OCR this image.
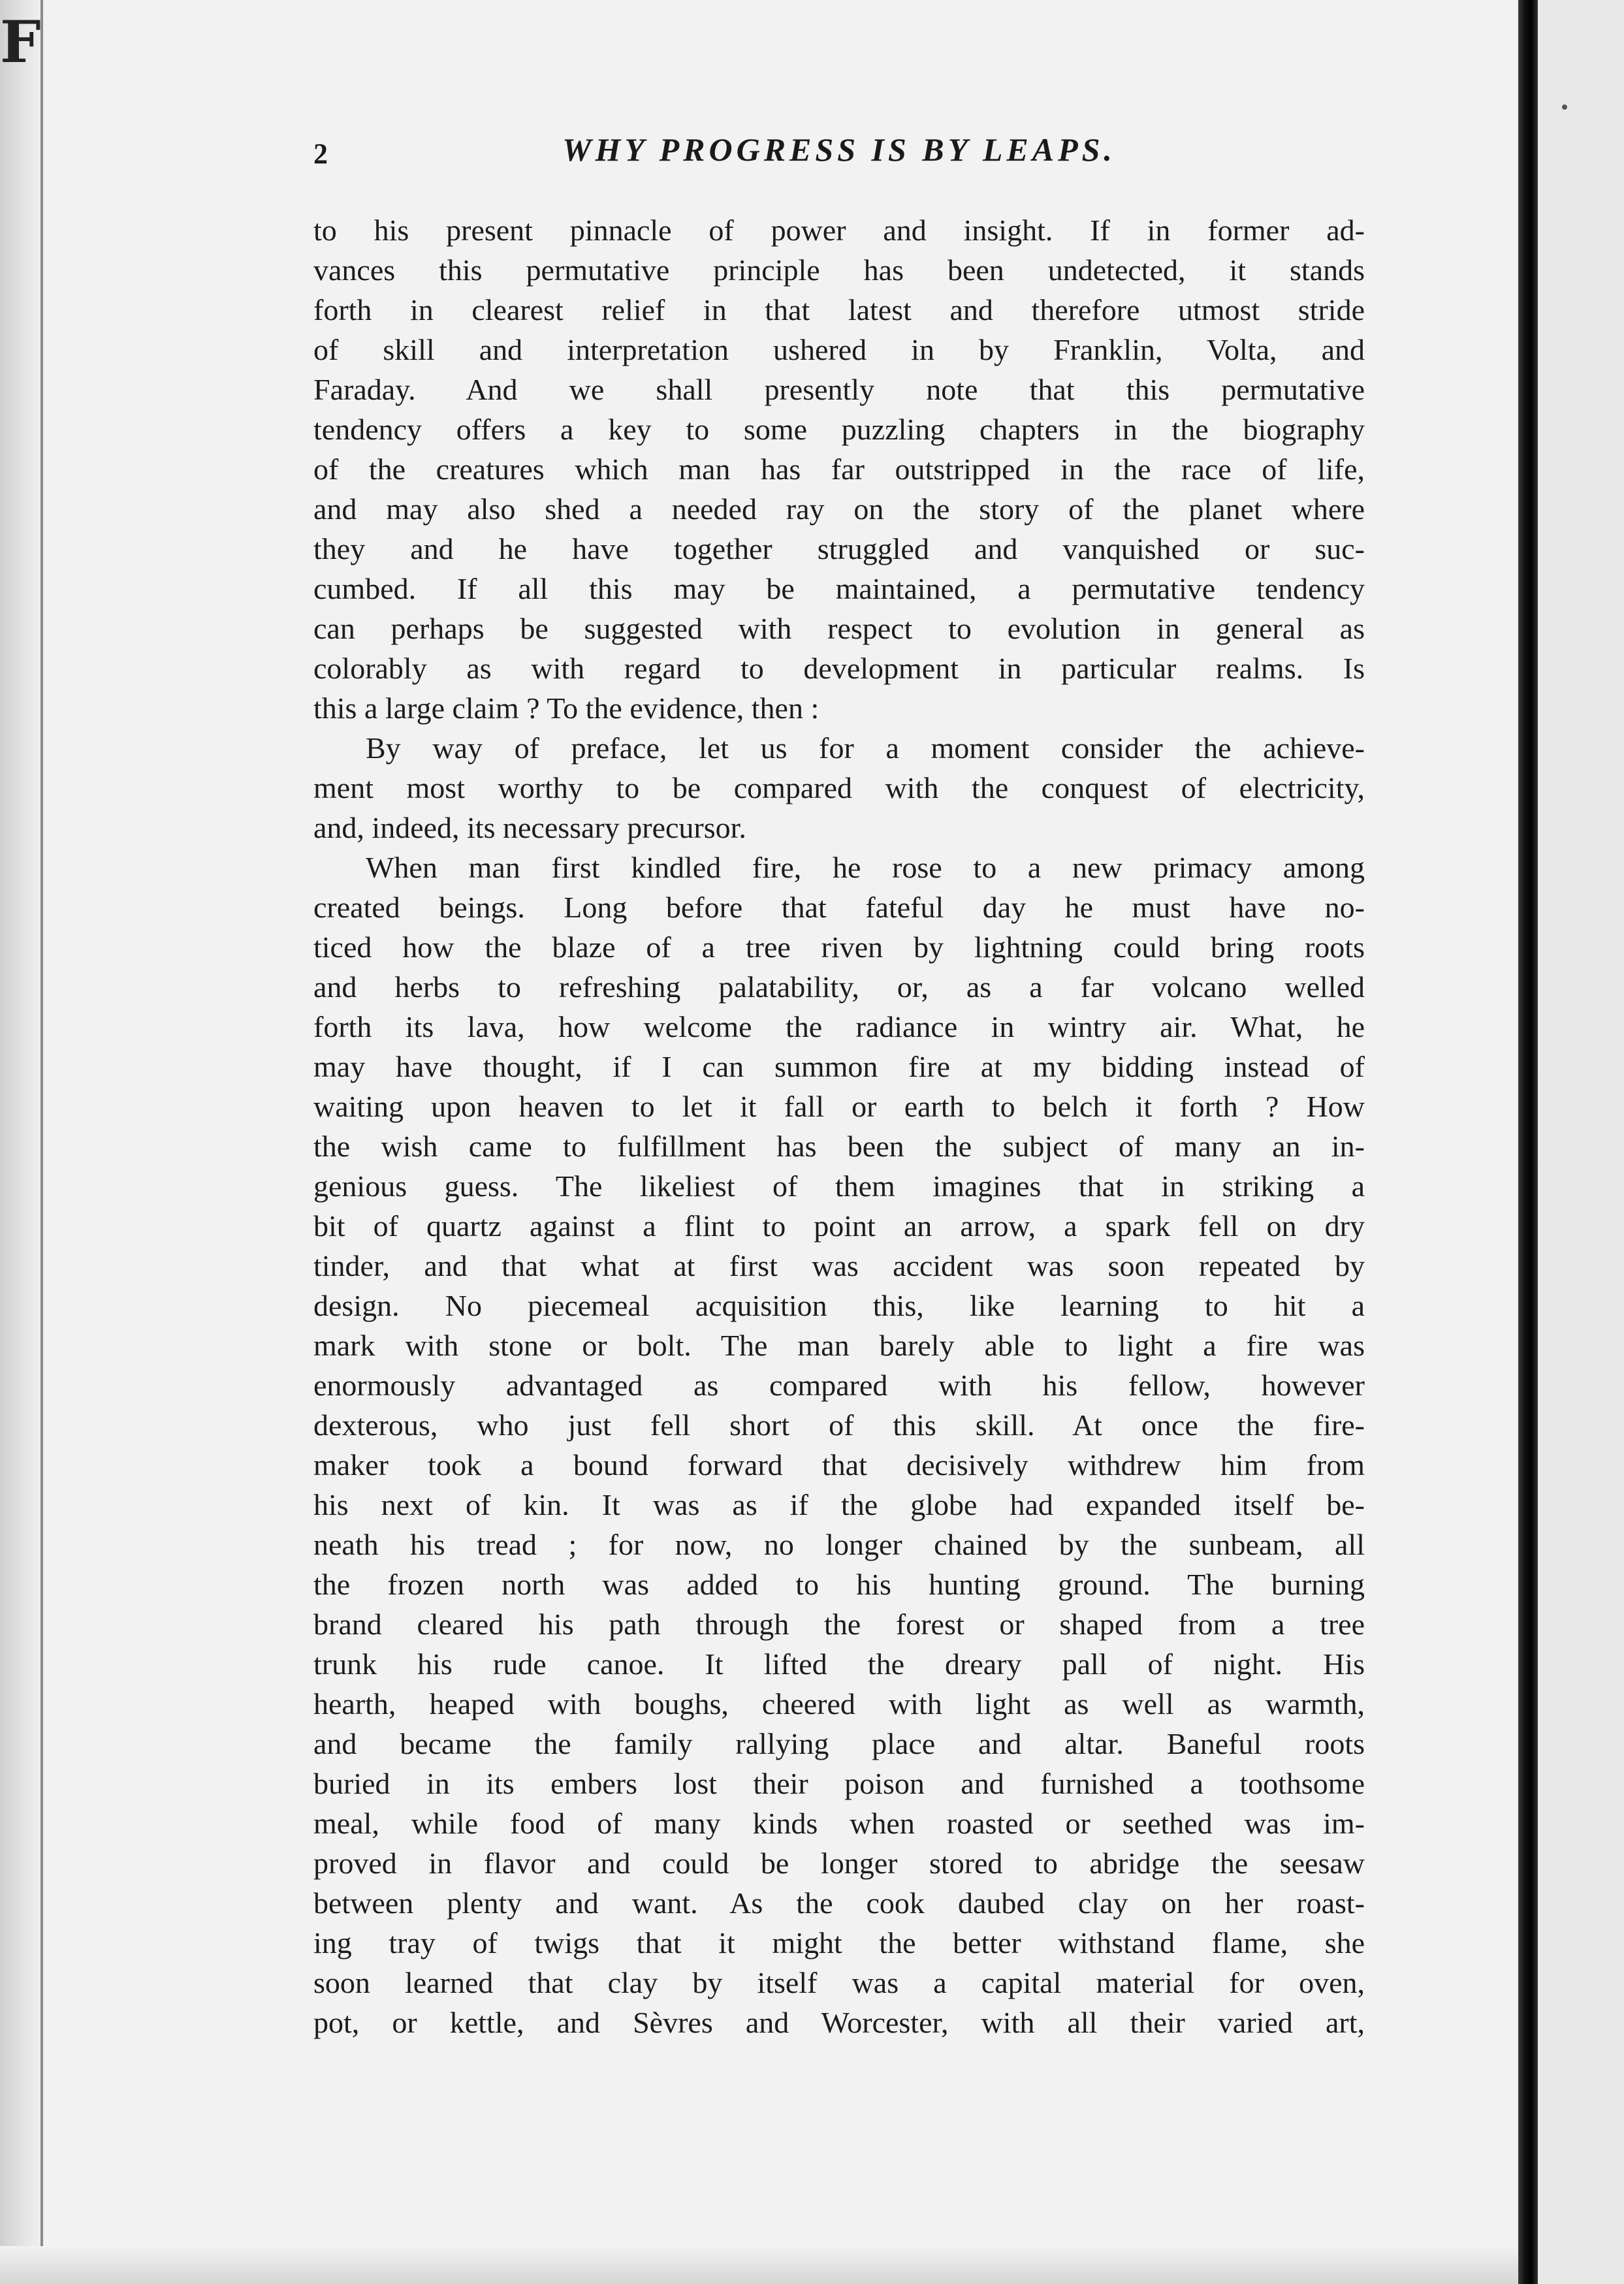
F
2	WHY PROGRESS IS BY LEAPS.
to his present pinnacle of power and insight. If in former ad-
vances this permutative principle has been undetected, it stands
forth in clearest relief in that latest and therefore utmost stride
of skill and interpretation ushered in by Franklin, Volta, and
Faraday. And we shall presently note that this permutative
tendency offers a key to some puzzling chapters in the biography
of the creatures which man has far outstripped in the race of life,
and may also shed a needed ray on the story of the planet where
they and he have together struggled and vanquished or suc-
cumbed. If all this may be maintained, a permutative tendency
can perhaps be suggested with respect to evolution in general as
colorably as with regard to development in particular realms. Is
this a large claim ? To the evidence, then :
By way of preface, let us for a moment consider the achieve-
ment most worthy to be compared with the conquest of electricity,
and, indeed, its necessary precursor.
When man first kindled fire, he rose to a new primacy among
created beings. Long before that fateful day he must have no-
ticed how the blaze of a tree riven by lightning could bring roots
and herbs to refreshing palatability, or, as a far volcano welled
forth its lava, how welcome the radiance in wintry air. What, he
may have thought, if I can summon fire at my bidding instead of
waiting upon heaven to let it fall or earth to belch it forth ? How
the wish came to fulfillment has been the subject of many an in-
genious guess. The likeliest of them imagines that in striking a
bit of quartz against a flint to point an arrow, a spark fell on dry
tinder, and that what at first was accident was soon repeated by
design. No piecemeal acquisition this, like learning to hit a
mark with stone or bolt. The man barely able to light a fire was
enormously advantaged as compared with his fellow, however
dexterous, who just fell short of this skill. At once the fire-
maker took a bound forward that decisively withdrew him from
his next of kin. It was as if the globe had expanded itself be-
neath his tread ; for now, no longer chained by the sunbeam, all
the frozen north was added to his hunting ground. The burning
brand cleared his path through the forest or shaped from a tree
trunk his rude canoe. It lifted the dreary pall of night. His
hearth, heaped with boughs, cheered with light as well as warmth,
and became the family rallying place and altar. Baneful roots
buried in its embers lost their poison and furnished a toothsome
meal, while food of many kinds when roasted or seethed was im-
proved in flavor and could be longer stored to abridge the seesaw
between plenty and want. As the cook daubed clay on her roast-
ing tray of twigs that it might the better withstand flame, she
soon learned that clay by itself was a capital material for oven,
pot, or kettle, and Sèvres and Worcester, with all their varied art,
